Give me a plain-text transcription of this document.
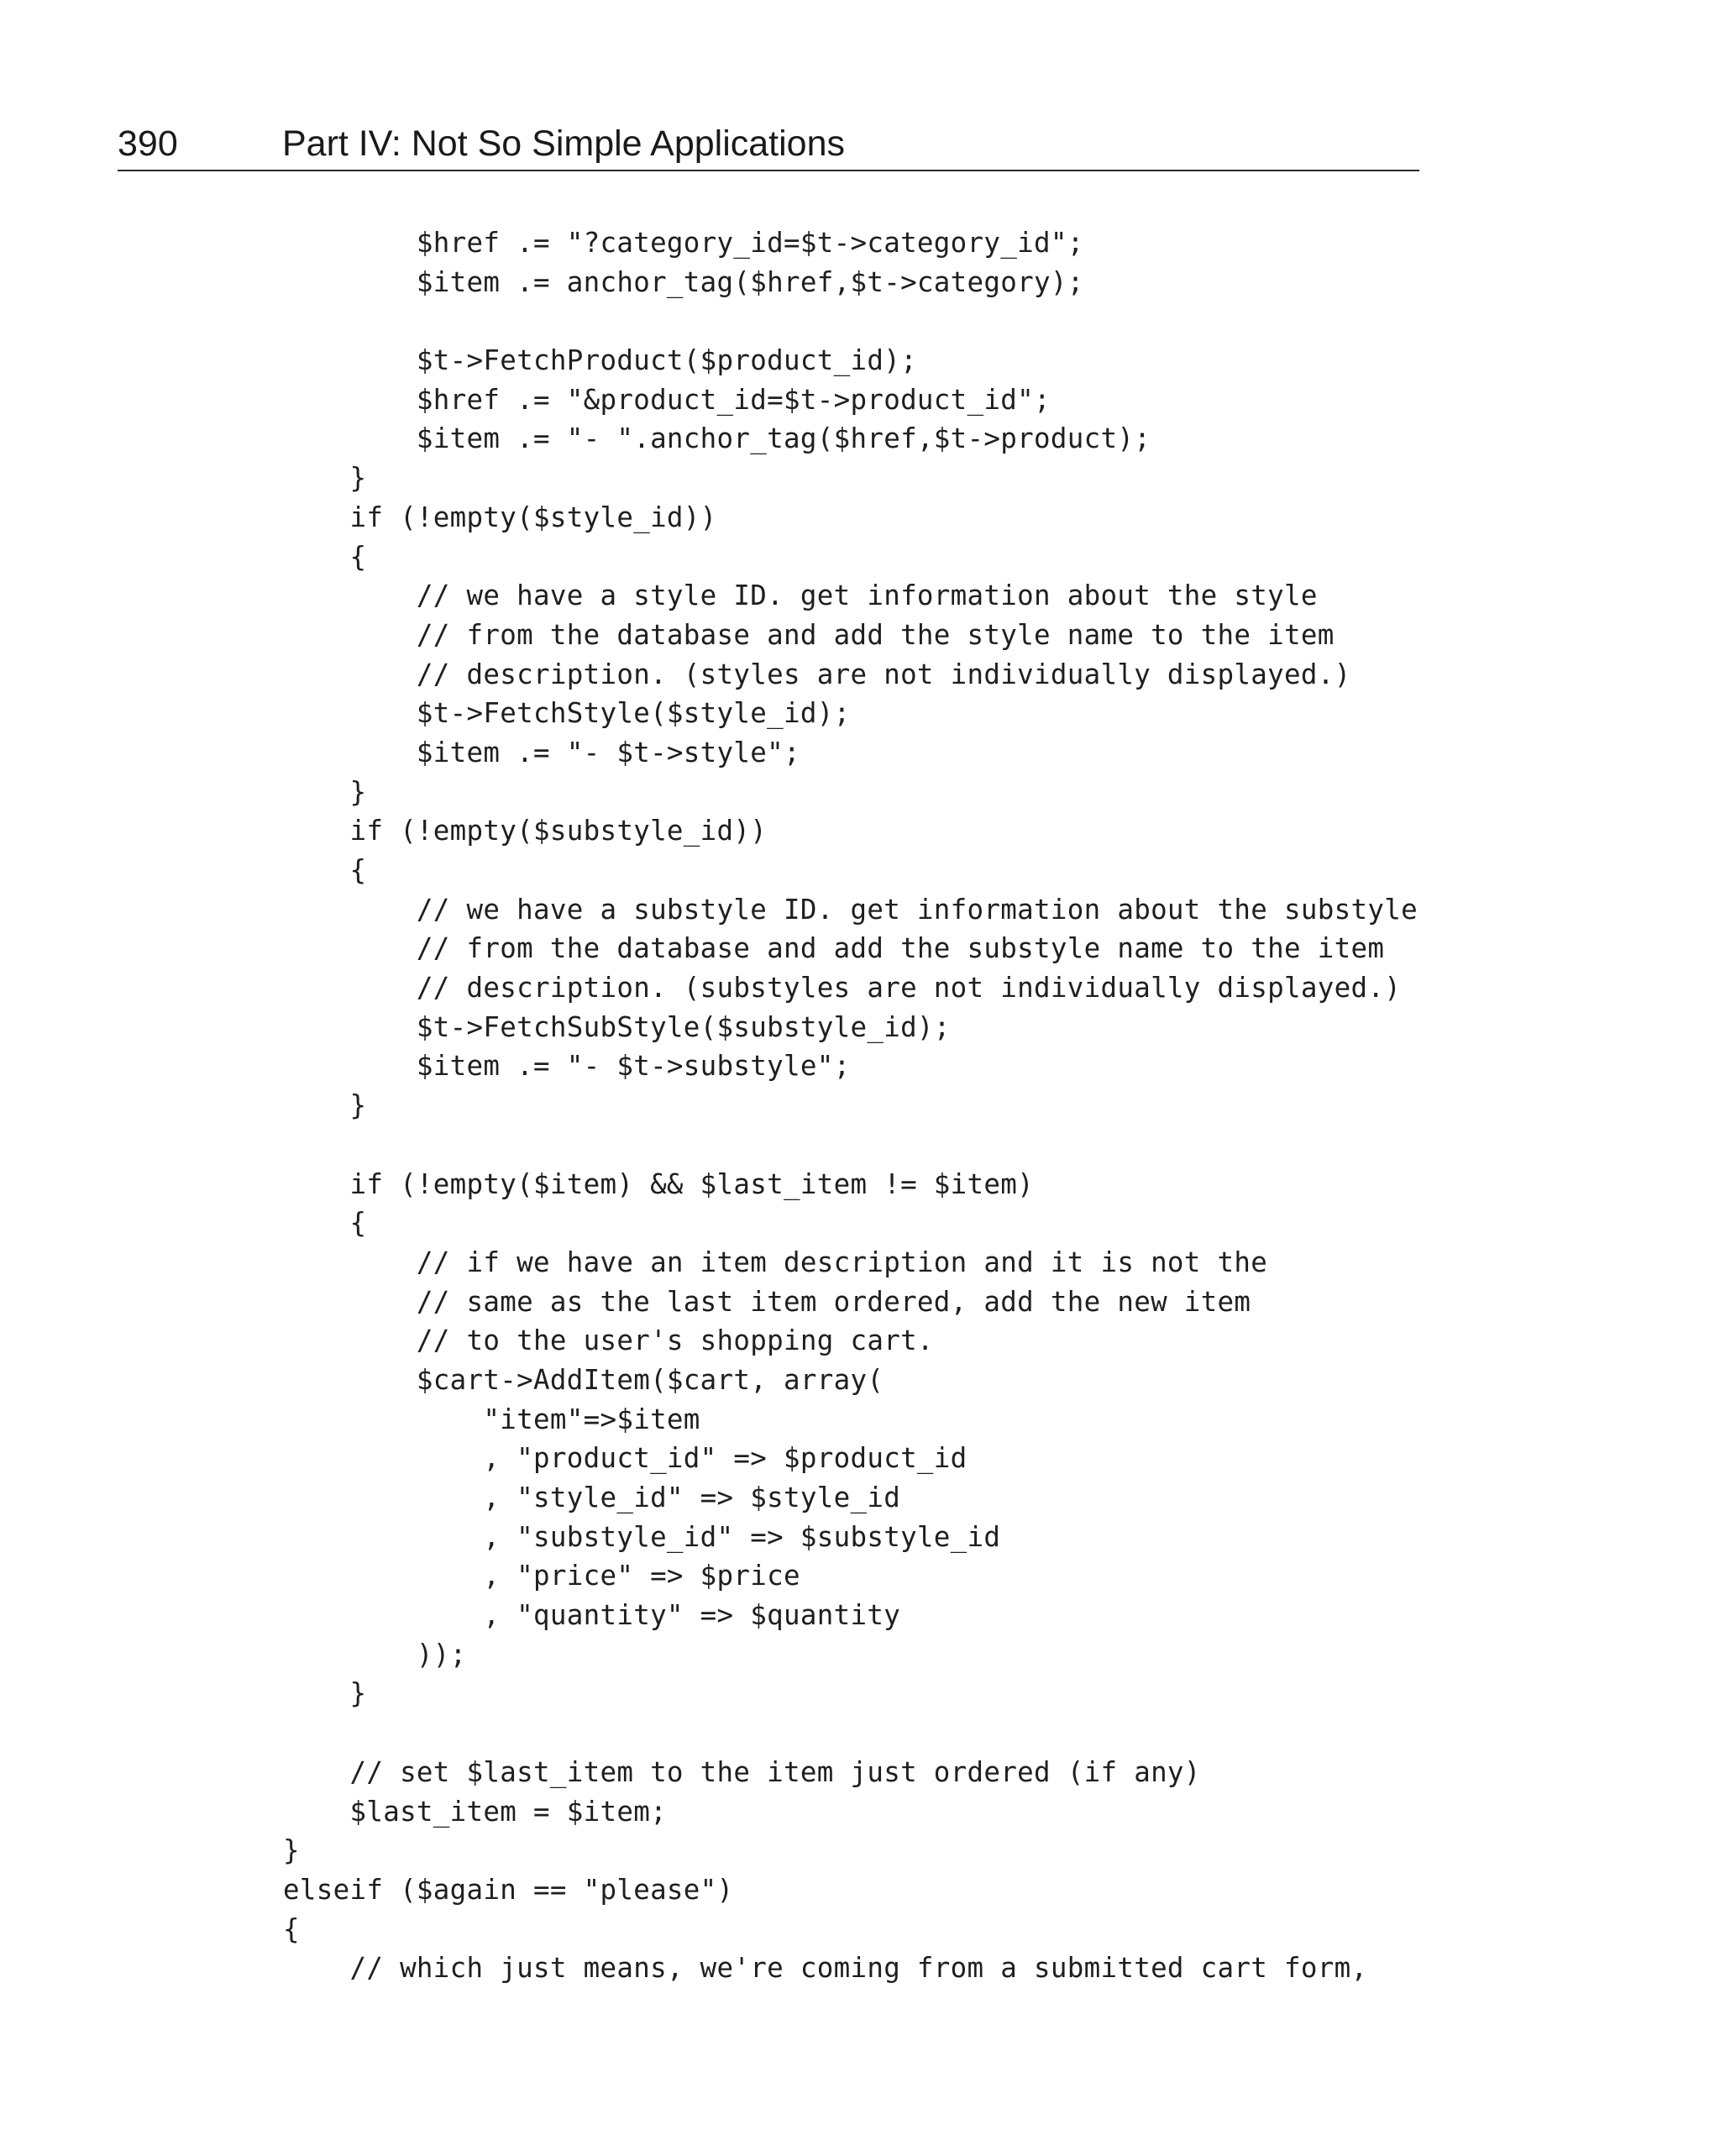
390	Part IV: Not So Simple Applications
$href .= "?category_id=$t->category_id";
$item .= anchor_tag($href,$t->category);
$t->FetchProduct($product_id);
$href .= "&product_id=$t->product_id";
$item .= "- ".anchor_tag($href,$t->product);
}
if (!empty($style_id))
{
// we have a style ID. get information about the style
// from the database and add the style name to the item
// description. (styles are not individually displayed.)
$t->FetchStyle($style_id);
$item .= "- $t->style";
}
if (!empty($substyle_id))
{
// we have a substyle ID. get information about the substyle
// from the database and add the substyle name to the item
// description. (substyles are not individually displayed.)
$t->FetchSubStyle($substyle_id);
$item .= "- $t->substyle";
}
if (!empty($item) && $last_item != $item)
{
// if we have an item description and it is not the
// same as the last item ordered, add the new item
// to the user's shopping cart.
$cart->AddItem($cart, array(
"item"=>$item
, "product_id" => $product_id
, "style_id" => $style_id
, "substyle_id" => $substyle_id
, "price" => $price
, "quantity" => $quantity
));
}
// set $last_item to the item just ordered (if any)
$last_item = $item;
}
elseif ($again == "please")
{
// which just means, we're coming from a submitted cart form,
